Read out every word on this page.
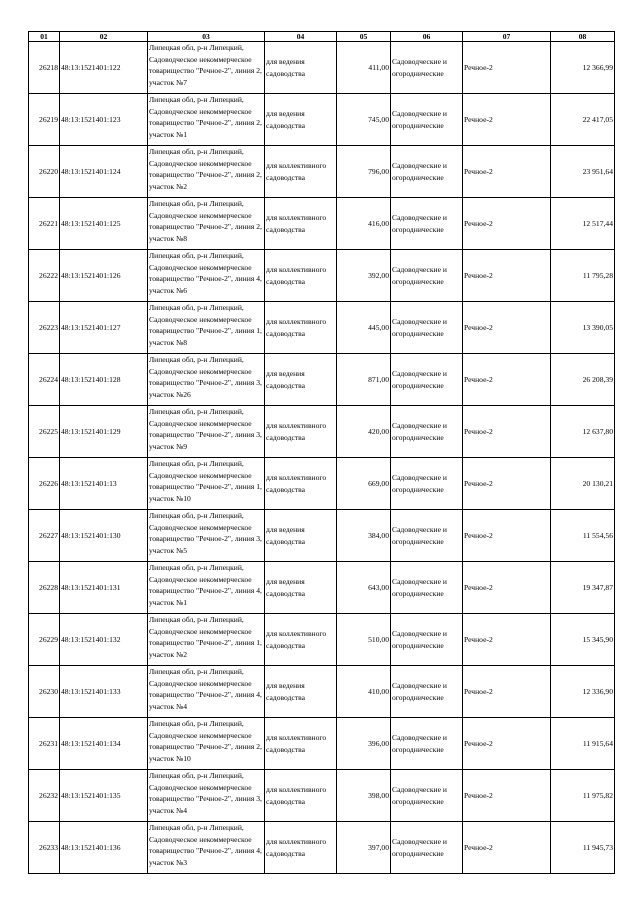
01	02	03	04	05	06	07	08
26218	48:13:1521401:122	Липецкая обл, р-н Липецкий, Садоводческое некоммерческое товарищество "Речное-2", линия 2, участок №7	для ведения садоводства	411,00	Садоводческие и огороднические	Речное-2	12 366,99
26219	48:13:1521401:123	Липецкая обл, р-н Липецкий, Садоводческое некоммерческое товарищество "Речное-2", линия 2, участок №1	для ведения садоводства	745,00	Садоводческие и огороднические	Речное-2	22 417,05
26220	48:13:1521401:124	Липецкая обл, р-н Липецкий, Садоводческое некоммерческое товарищество "Речное-2", линия 2, участок №2	для коллективного садоводства	796,00	Садоводческие и огороднические	Речное-2	23 951,64
26221	48:13:1521401:125	Липецкая обл, р-н Липецкий, Садоводческое некоммерческое товарищество "Речное-2", линия 2, участок №8	для коллективного садоводства	416,00	Садоводческие и огороднические	Речное-2	12 517,44
26222	48:13:1521401:126	Липецкая обл, р-н Липецкий, Садоводческое некоммерческое товарищество "Речное-2", линия 4, участок №6	для коллективного садоводства	392,00	Садоводческие и огороднические	Речное-2	11 795,28
26223	48:13:1521401:127	Липецкая обл, р-н Липецкий, Садоводческое некоммерческое товарищество "Речное-2", линия 1, участок №8	для коллективного садоводства	445,00	Садоводческие и огороднические	Речное-2	13 390,05
26224	48:13:1521401:128	Липецкая обл, р-н Липецкий, Садоводческое некоммерческое товарищество "Речное-2", линия 3, участок №26	для ведения садоводства	871,00	Садоводческие и огороднические	Речное-2	26 208,39
26225	48:13:1521401:129	Липецкая обл, р-н Липецкий, Садоводческое некоммерческое товарищество "Речное-2", линия 3, участок №9	для коллективного садоводства	420,00	Садоводческие и огороднические	Речное-2	12 637,80
26226	48:13:1521401:13	Липецкая обл, р-н Липецкий, Садоводческое некоммерческое товарищество "Речное-2", линия 1, участок №10	для коллективного садоводства	669,00	Садоводческие и огороднические	Речное-2	20 130,21
26227	48:13:1521401:130	Липецкая обл, р-н Липецкий, Садоводческое некоммерческое товарищество "Речное-2", линия 3, участок №5	для ведения садоводства	384,00	Садоводческие и огороднические	Речное-2	11 554,56
26228	48:13:1521401:131	Липецкая обл, р-н Липецкий, Садоводческое некоммерческое товарищество "Речное-2", линия 4, участок №1	для ведения садоводства	643,00	Садоводческие и огороднические	Речное-2	19 347,87
26229	48:13:1521401:132	Липецкая обл, р-н Липецкий, Садоводческое некоммерческое товарищество "Речное-2", линия 1, участок №2	для коллективного садоводства	510,00	Садоводческие и огороднические	Речное-2	15 345,90
26230	48:13:1521401:133	Липецкая обл, р-н Липецкий, Садоводческое некоммерческое товарищество "Речное-2", линия 4, участок №4	для ведения садоводства	410,00	Садоводческие и огороднические	Речное-2	12 336,90
26231	48:13:1521401:134	Липецкая обл, р-н Липецкий, Садоводческое некоммерческое товарищество "Речное-2", линия 2, участок №10	для коллективного садоводства	396,00	Садоводческие и огороднические	Речное-2	11 915,64
26232	48:13:1521401:135	Липецкая обл, р-н Липецкий, Садоводческое некоммерческое товарищество "Речное-2", линия 3, участок №4	для коллективного садоводства	398,00	Садоводческие и огороднические	Речное-2	11 975,82
26233	48:13:1521401:136	Липецкая обл, р-н Липецкий, Садоводческое некоммерческое товарищество "Речное-2", линия 4, участок №3	для коллективного садоводства	397,00	Садоводческие и огороднические	Речное-2	11 945,73
